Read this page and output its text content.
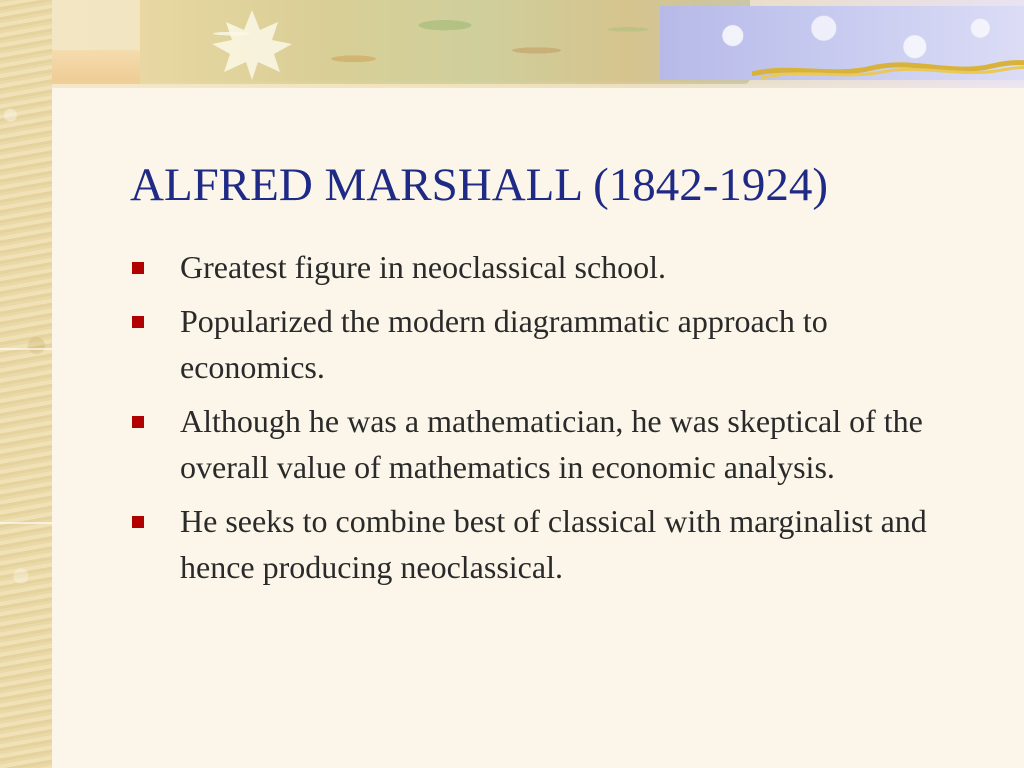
ALFRED MARSHALL (1842-1924)
Greatest figure in neoclassical school.
Popularized the modern diagrammatic approach to economics.
Although he was a mathematician, he was skeptical of the overall value of mathematics in economic analysis.
He seeks to combine best of classical with marginalist and hence producing neoclassical.
